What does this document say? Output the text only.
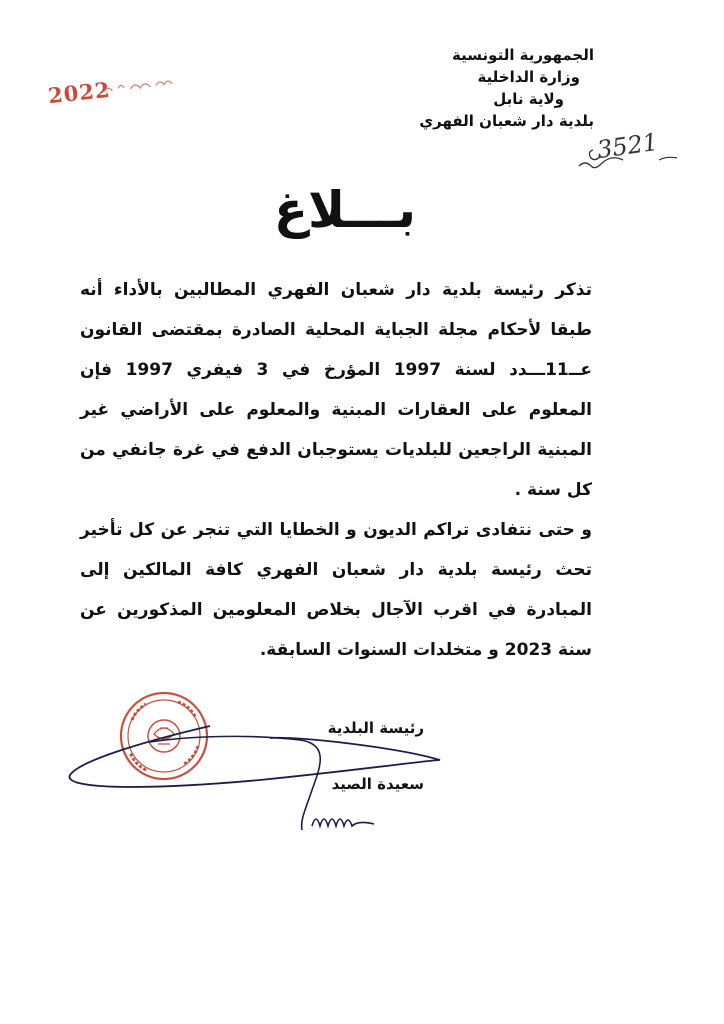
الجمهورية التونسية
وزارة الداخلية
ولاية نابل
بلدية دار شعبان الفهري
2022
3521
بـــلاغ

تذكر رئيسة بلدية دار شعبان الفهري المطالبين بالأداء أنه طبقا لأحكام مجلة الجباية المحلية الصادرة بمقتضى القانون عــ11ـــدد لسنة 1997 المؤرخ في 3 فيفري 1997 فإن المعلوم على العقارات المبنية والمعلوم على الأراضي غير المبنية الراجعين للبلديات يستوجبان الدفع في غرة جانفي من كل سنة .

و حتى نتفادى تراكم الديون و الخطايا التي تنجر عن كل تأخير تحث رئيسة بلدية دار شعبان الفهري كافة المالكين إلى المبادرة في اقرب الآجال بخلاص المعلومين المذكورين عن سنة 2023 و متخلدات السنوات السابقة.

رئيسة البلدية
سعيدة الصيد
